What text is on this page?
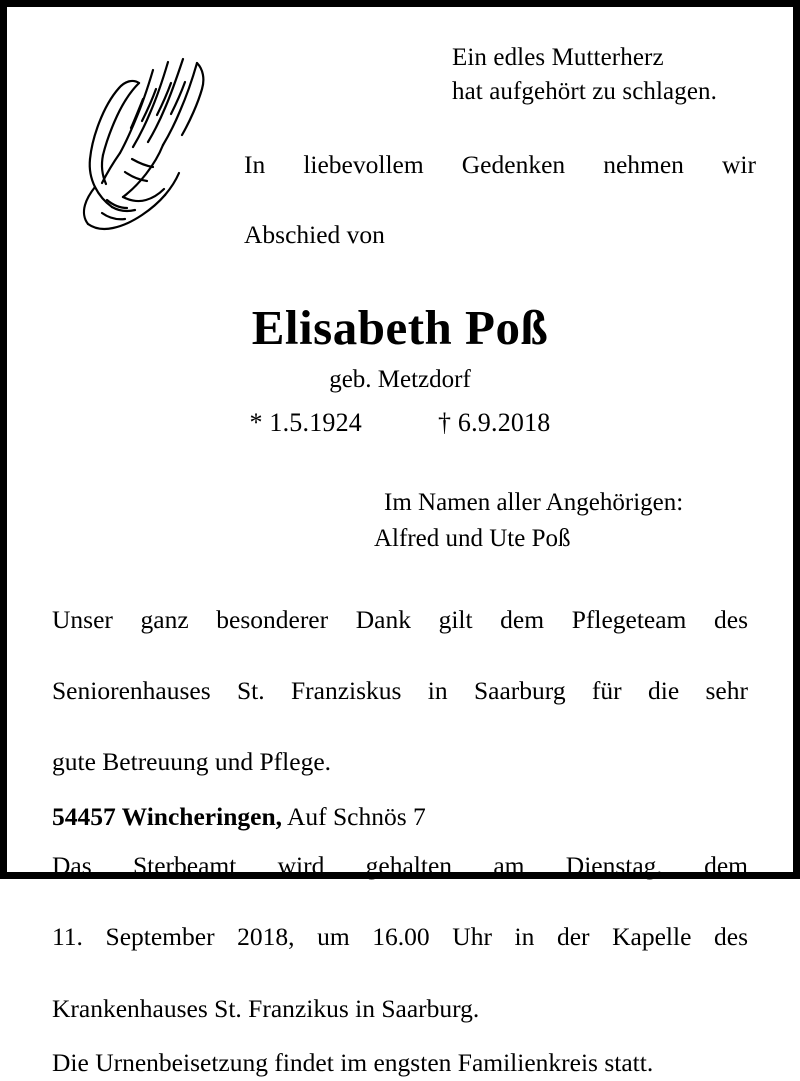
Ein edles Mutterherz
hat aufgehört zu schlagen.
In liebevollem Gedenken nehmen wir
Abschied von
Elisabeth Poß
geb. Metzdorf
* 1.5.1924	† 6.9.2018
Im Namen aller Angehörigen:
Alfred und Ute Poß
Unser ganz besonderer Dank gilt dem Pflegeteam des
Seniorenhauses St. Franziskus in Saarburg für die sehr
gute Betreuung und Pflege.
54457 Wincheringen, Auf Schnös 7
Das Sterbeamt wird gehalten am Dienstag, dem
11. September 2018, um 16.00 Uhr in der Kapelle des
Krankenhauses St. Franzikus in Saarburg.
Die Urnenbeisetzung findet im engsten Familienkreis statt.
